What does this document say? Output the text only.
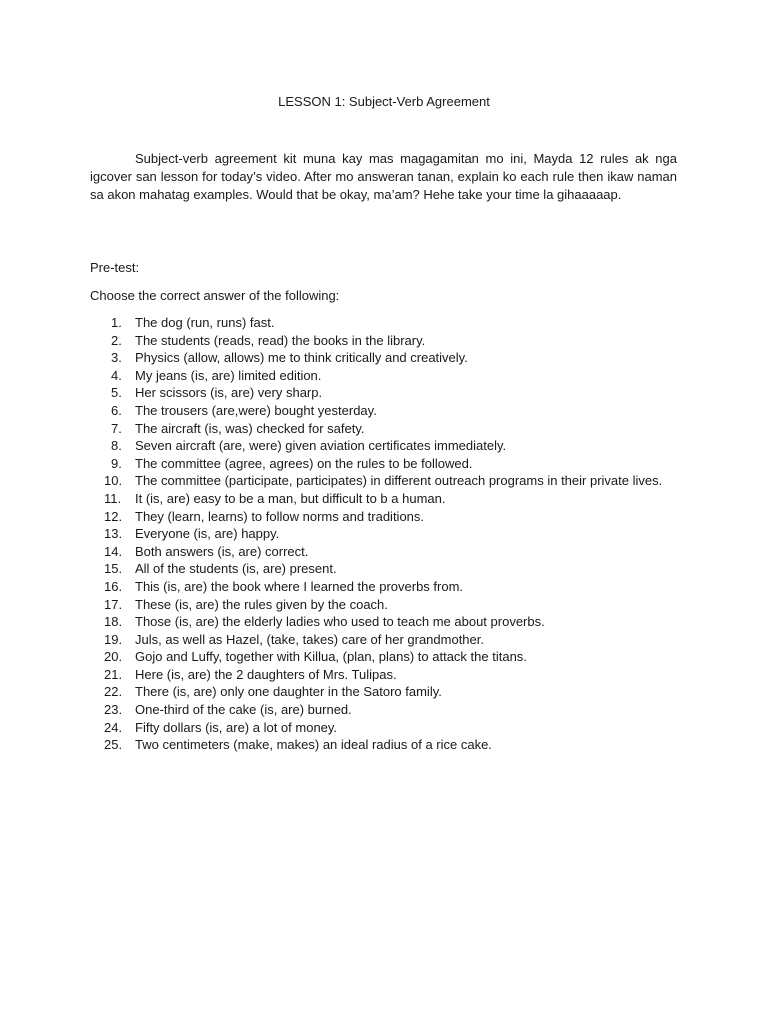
LESSON 1: Subject-Verb Agreement

Subject-verb agreement kit muna kay mas magagamitan mo ini, Mayda 12 rules ak nga igcover san lesson for today’s video. After mo answeran tanan, explain ko each rule then ikaw naman sa akon mahatag examples. Would that be okay, ma’am? Hehe take your time la gihaaaaap.

Pre-test:
Choose the correct answer of the following:
1.	The dog (run, runs) fast.
2.	The students (reads, read) the books in the library.
3.	Physics (allow, allows) me to think critically and creatively.
4.	My jeans (is, are) limited edition.
5.	Her scissors (is, are) very sharp.
6.	The trousers (are,were) bought yesterday.
7.	The aircraft (is, was) checked for safety.
8.	Seven aircraft (are, were) given aviation certificates immediately.
9.	The committee (agree, agrees) on the rules to be followed.
10. The committee (participate, participates) in different outreach programs in their private lives.
11.	It (is, are) easy to be a man, but difficult to b a human.
12. They (learn, learns) to follow norms and traditions.
13. Everyone (is, are) happy.
14. Both answers (is, are) correct.
15. All of the students (is, are) present.
16. This (is, are) the book where I learned the proverbs from.
17. These (is, are) the rules given by the coach.
18. Those (is, are) the elderly ladies who used to teach me about proverbs.
19. Juls, as well as Hazel, (take, takes) care of her grandmother.
20. Gojo and Luffy, together with Killua, (plan, plans) to attack the titans.
21. Here (is, are) the 2 daughters of Mrs. Tulipas.
22. There (is, are) only one daughter in the Satoro family.
23. One-third of the cake (is, are) burned.
24. Fifty dollars (is, are) a lot of money.
25. Two centimeters (make, makes) an ideal radius of a rice cake.
